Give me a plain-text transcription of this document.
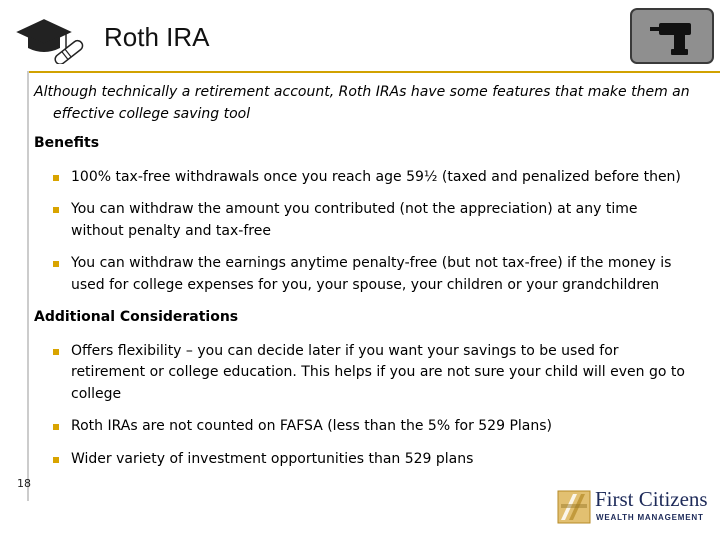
Roth IRA

Although technically a retirement account, Roth IRAs have some features that make them an effective college saving tool

Benefits
100% tax-free withdrawals once you reach age 59½ (taxed and penalized before then)
You can withdraw the amount you contributed (not the appreciation) at any time without penalty and tax-free
You can withdraw the earnings anytime penalty-free (but not tax-free) if the money is used for college expenses for you, your spouse, your children or your grandchildren
Additional Considerations
Offers flexibility – you can decide later if you want your savings to be used for retirement or college education. This helps if you are not sure your child will even go to college
Roth IRAs are not counted on FAFSA (less than the 5% for 529 Plans)
Wider variety of investment opportunities than 529 plans
18
First Citizens
WEALTH MANAGEMENT
